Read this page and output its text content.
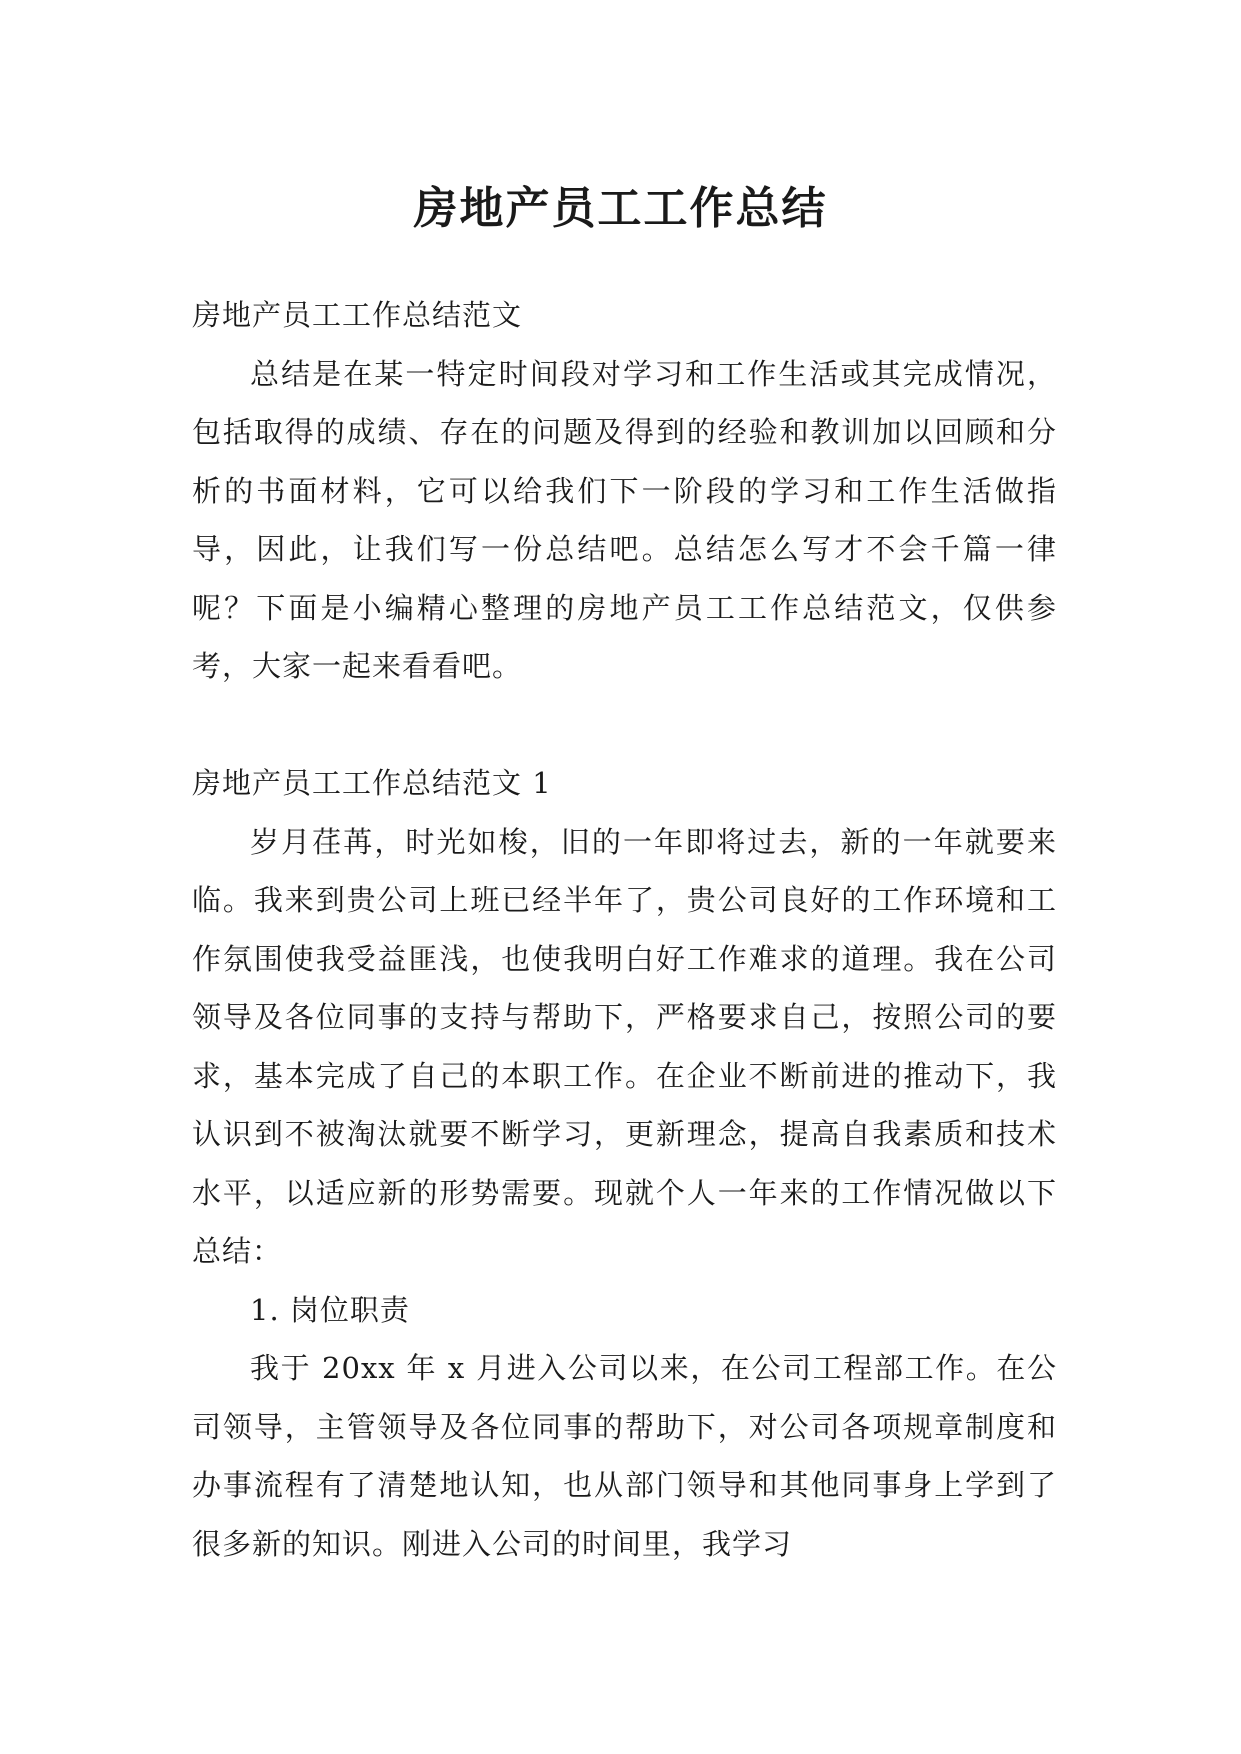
房地产员工工作总结

房地产员工工作总结范文

总结是在某一特定时间段对学习和工作生活或其完成情况，包括取得的成绩、存在的问题及得到的经验和教训加以回顾和分析的书面材料，它可以给我们下一阶段的学习和工作生活做指导，因此，让我们写一份总结吧。总结怎么写才不会千篇一律呢？下面是小编精心整理的房地产员工工作总结范文，仅供参考，大家一起来看看吧。

房地产员工工作总结范文 1

岁月荏苒，时光如梭，旧的一年即将过去，新的一年就要来临。我来到贵公司上班已经半年了，贵公司良好的工作环境和工作氛围使我受益匪浅，也使我明白好工作难求的道理。我在公司领导及各位同事的支持与帮助下，严格要求自己，按照公司的要求，基本完成了自己的本职工作。在企业不断前进的推动下，我认识到不被淘汰就要不断学习，更新理念，提高自我素质和技术水平，以适应新的形势需要。现就个人一年来的工作情况做以下总结：

1. 岗位职责

我于 20xx 年 x 月进入公司以来，在公司工程部工作。在公司领导，主管领导及各位同事的帮助下，对公司各项规章制度和办事流程有了清楚地认知，也从部门领导和其他同事身上学到了很多新的知识。刚进入公司的时间里，我学习
